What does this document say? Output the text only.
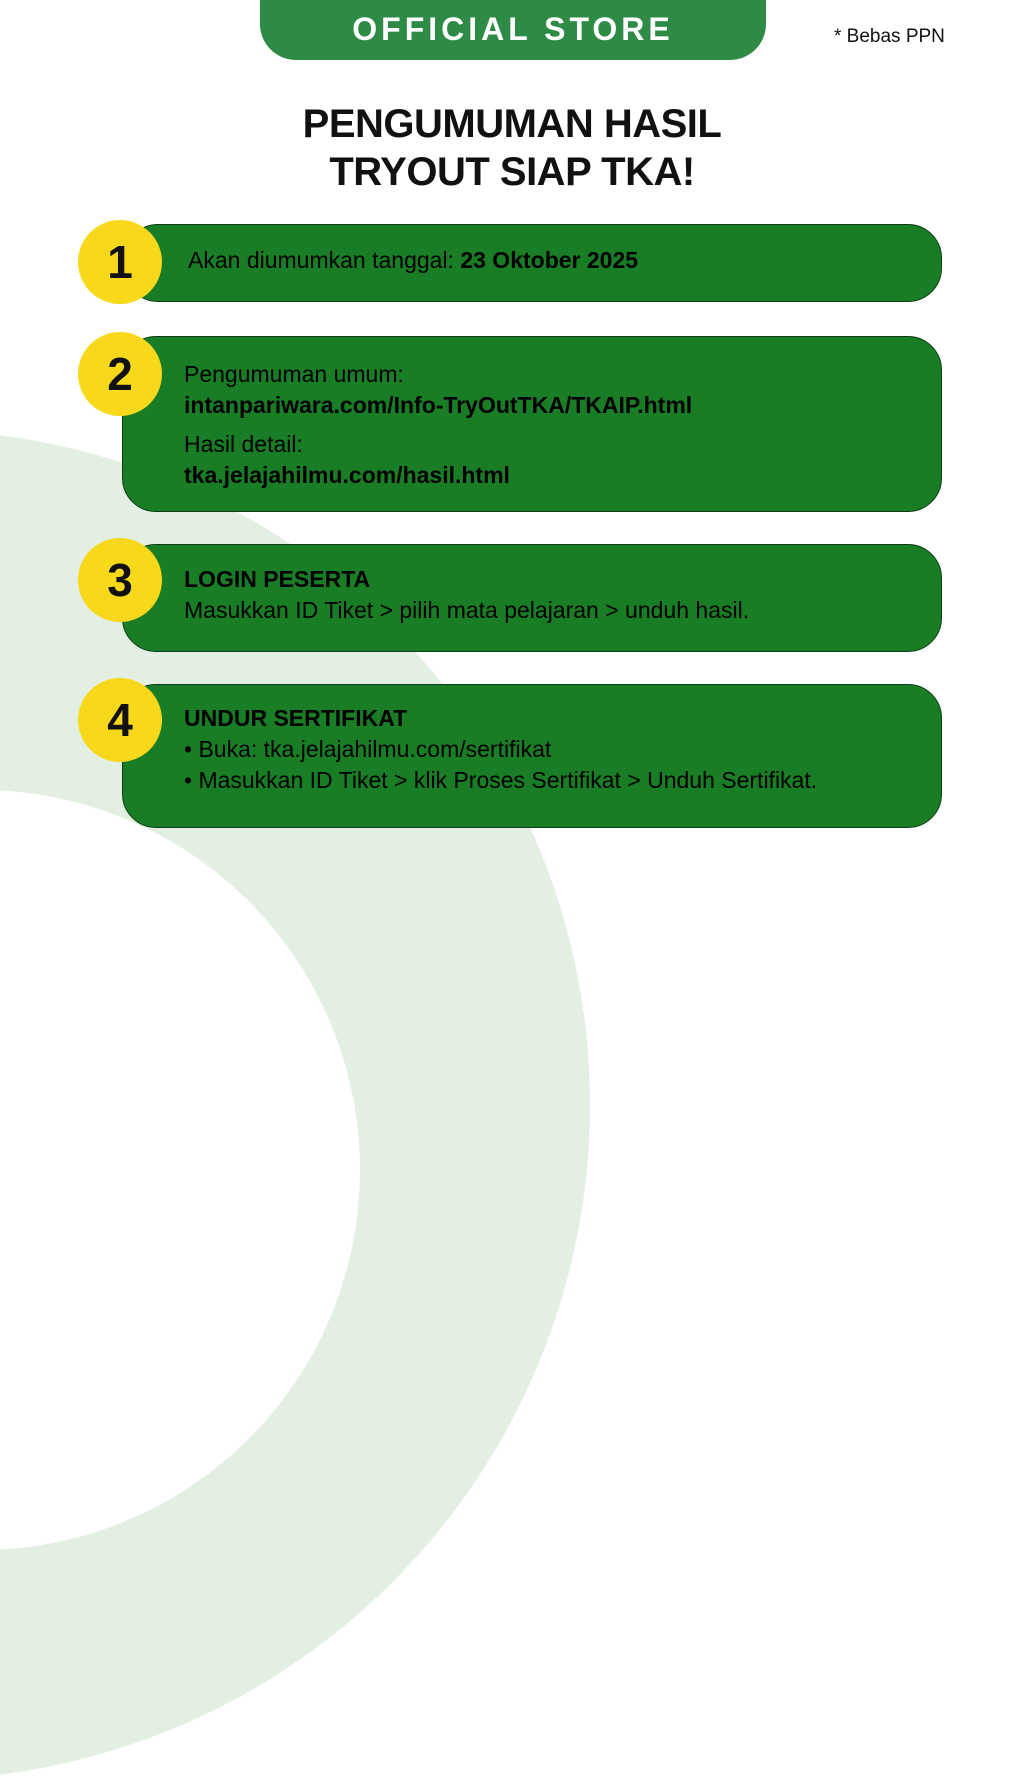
OFFICIAL STORE	* Bebas PPN
PENGUMUMAN HASIL
TRYOUT SIAP TKA!
1	Akan diumumkan tanggal: 23 Oktober 2025
2	Pengumuman umum:
intanpariwara.com/Info-TryOutTKA/TKAIP.html
Hasil detail:
tka.jelajahilmu.com/hasil.html
3	LOGIN PESERTA
Masukkan ID Tiket > pilih mata pelajaran > unduh hasil.
4	UNDUR SERTIFIKAT
• Buka: tka.jelajahilmu.com/sertifikat
• Masukkan ID Tiket > klik Proses Sertifikat > Unduh Sertifikat.
